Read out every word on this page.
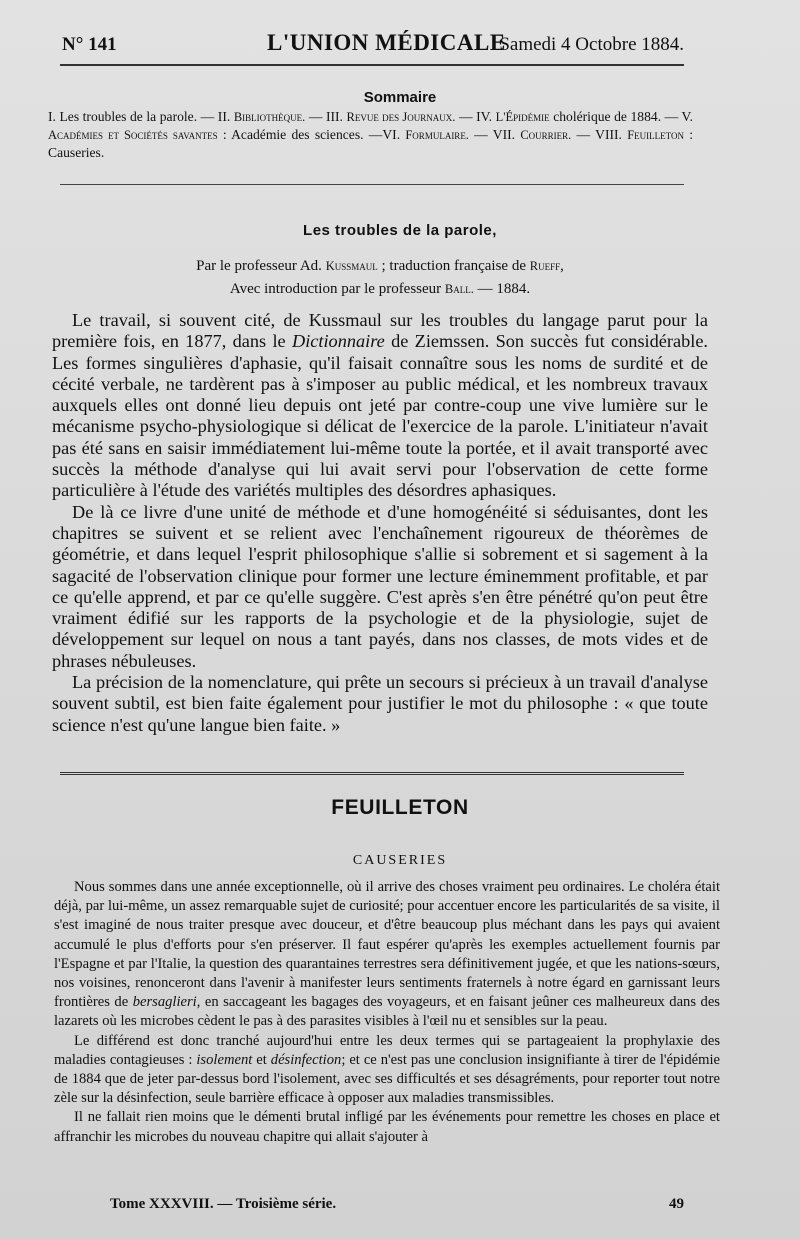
N° 141	L'UNION MÉDICALE
Samedi 4 Octobre 1884.
Sommaire
I. Les troubles de la parole. — II. Bibliothèque. — III. Revue des Journaux. — IV. L'Épidémie cholérique de 1884. — V. Académies et Sociétés savantes : Académie des sciences. —VI. Formulaire. — VII. Courrier. — VIII. Feuilleton : Causeries.
Les troubles de la parole,
Par le professeur Ad. Kussmaul ; traduction française de Rueff,
Avec introduction par le professeur Ball. — 1884.

Le travail, si souvent cité, de Kussmaul sur les troubles du langage parut pour la première fois, en 1877, dans le Dictionnaire de Ziemssen. Son succès fut considérable. Les formes singulières d'aphasie, qu'il faisait connaître sous les noms de surdité et de cécité verbale, ne tardèrent pas à s'imposer au public médical, et les nombreux travaux auxquels elles ont donné lieu depuis ont jeté par contre-coup une vive lumière sur le mécanisme psycho-physiologique si délicat de l'exercice de la parole. L'initiateur n'avait pas été sans en saisir immédiatement lui-même toute la portée, et il avait transporté avec succès la méthode d'analyse qui lui avait servi pour l'observation de cette forme particulière à l'étude des variétés multiples des désordres aphasiques.

De là ce livre d'une unité de méthode et d'une homogénéité si séduisantes, dont les chapitres se suivent et se relient avec l'enchaînement rigoureux de théorèmes de géométrie, et dans lequel l'esprit philosophique s'allie si sobrement et si sagement à la sagacité de l'observation clinique pour former une lecture éminemment profitable, et par ce qu'elle apprend, et par ce qu'elle suggère. C'est après s'en être pénétré qu'on peut être vraiment édifié sur les rapports de la psychologie et de la physiologie, sujet de développement sur lequel on nous a tant payés, dans nos classes, de mots vides et de phrases nébuleuses.

La précision de la nomenclature, qui prête un secours si précieux à un travail d'analyse souvent subtil, est bien faite également pour justifier le mot du philosophe : « que toute science n'est qu'une langue bien faite. »

FEUILLETON
CAUSERIES

Nous sommes dans une année exceptionnelle, où il arrive des choses vraiment peu ordinaires. Le choléra était déjà, par lui-même, un assez remarquable sujet de curiosité; pour accentuer encore les particularités de sa visite, il s'est imaginé de nous traiter presque avec douceur, et d'être beaucoup plus méchant dans les pays qui avaient accumulé le plus d'efforts pour s'en préserver. Il faut espérer qu'après les exemples actuellement fournis par l'Espagne et par l'Italie, la question des quarantaines terrestres sera définitivement jugée, et que les nations-sœurs, nos voisines, renonceront dans l'avenir à manifester leurs sentiments fraternels à notre égard en garnissant leurs frontières de bersaglieri, en saccageant les bagages des voyageurs, et en faisant jeûner ces malheureux dans des lazarets où les microbes cèdent le pas à des parasites visibles à l'œil nu et sensibles sur la peau.

Le différend est donc tranché aujourd'hui entre les deux termes qui se partageaient la prophylaxie des maladies contagieuses : isolement et désinfection; et ce n'est pas une conclusion insignifiante à tirer de l'épidémie de 1884 que de jeter par-dessus bord l'isolement, avec ses difficultés et ses désagréments, pour reporter tout notre zèle sur la désinfection, seule barrière efficace à opposer aux maladies transmissibles.

Il ne fallait rien moins que le démenti brutal infligé par les événements pour remettre les choses en place et affranchir les microbes du nouveau chapitre qui allait s'ajouter à

Tome XXXVIII. — Troisième série.	49
